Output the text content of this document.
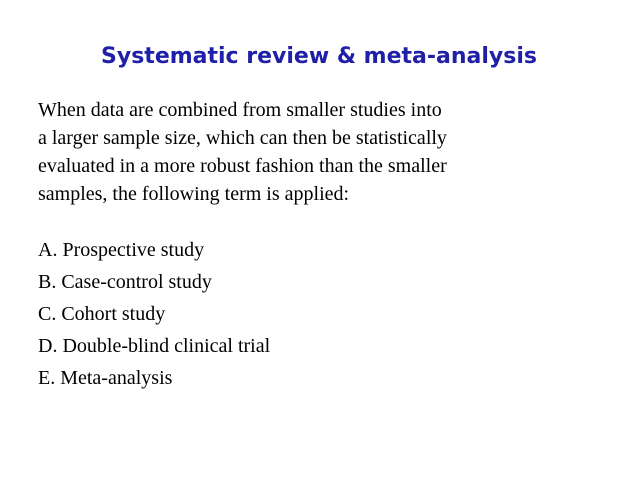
Systematic review & meta-analysis

When data are combined from smaller studies into
a larger sample size, which can then be statistically
evaluated in a more robust fashion than the smaller
samples, the following term is applied:

A. Prospective study
B. Case-control study
C. Cohort study
D. Double-blind clinical trial
E. Meta-analysis
